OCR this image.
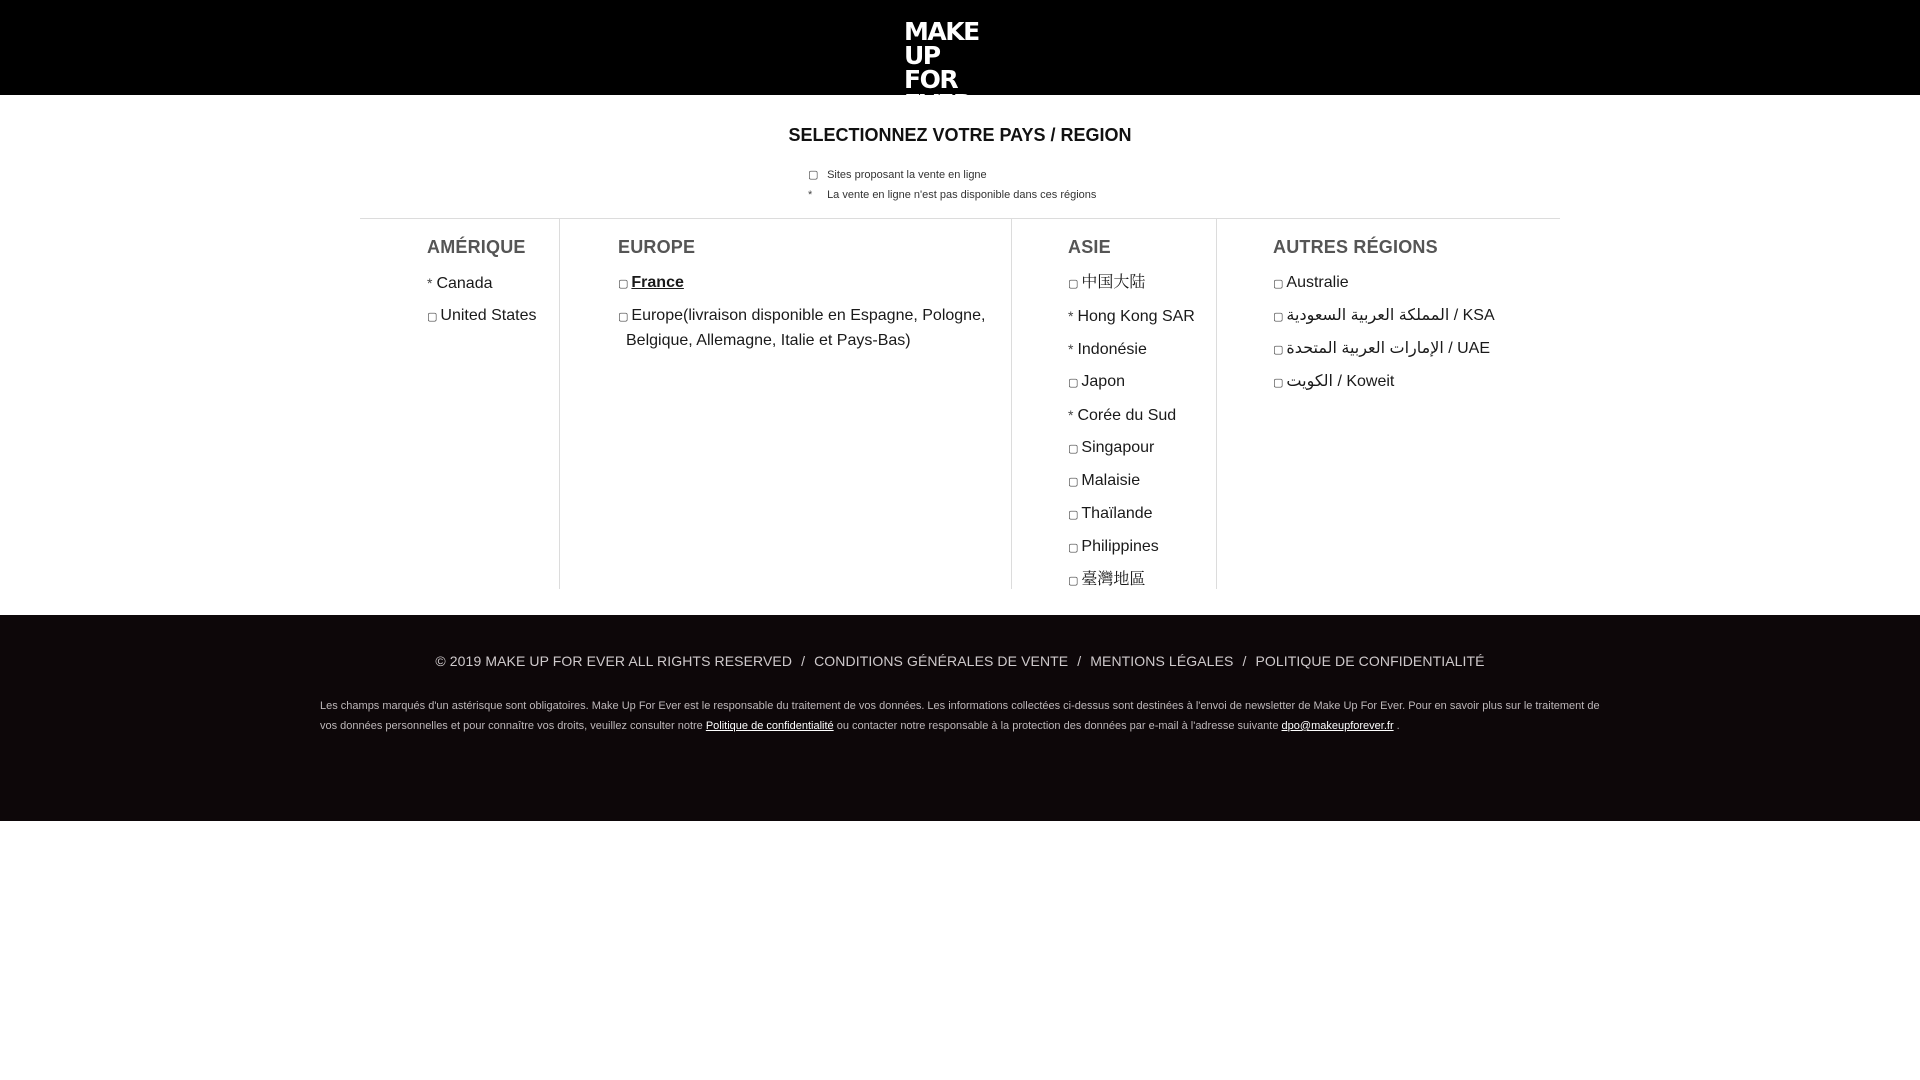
MAKE UP
FOR
SELECTIONNEZ VOTRE PAYS / REGION
▢ Sites proposant la vente en ligne
* La vente en ligne n'est pas disponible dans ces régions
AMÉRIQUE
* Canada
▢ United States
EUROPE
▢ France
▢ Europe(livraison disponible en Espagne, Pologne, Belgique, Allemagne, Italie et Pays-Bas)
ASIE
▢ 中国大陆
* Hong Kong SAR
* Indonésie
▢ Japon
* Corée du Sud
▢ Singapour
▢ Malaisie
▢ Thaïlande
▢ Philippines
▢ 臺灣地區
AUTRES RÉGIONS
▢ Australie
▢ المملكة العربية السعودية / KSA
▢ الإمارات العربية المتحدة / UAE
▢ الكويت / Koweit
© 2019 MAKE UP FOR EVER ALL RIGHTS RESERVED / CONDITIONS GÉNÉRALES DE VENTE / MENTIONS LÉGALES / POLITIQUE DE CONFIDENTIALITÉ

Les champs marqués d'un astérisque sont obligatoires. Make Up For Ever est le responsable du traitement de vos données. Les informations collectées ci-dessus sont destinées à l'envoi de newsletter de Make Up For Ever. Pour en savoir plus sur le traitement de vos données personnelles et pour connaître vos droits, veuillez consulter notre Politique de confidentialité ou contacter notre responsable à la protection des données par e-mail à l'adresse suivante dpo@makeupforever.fr .
